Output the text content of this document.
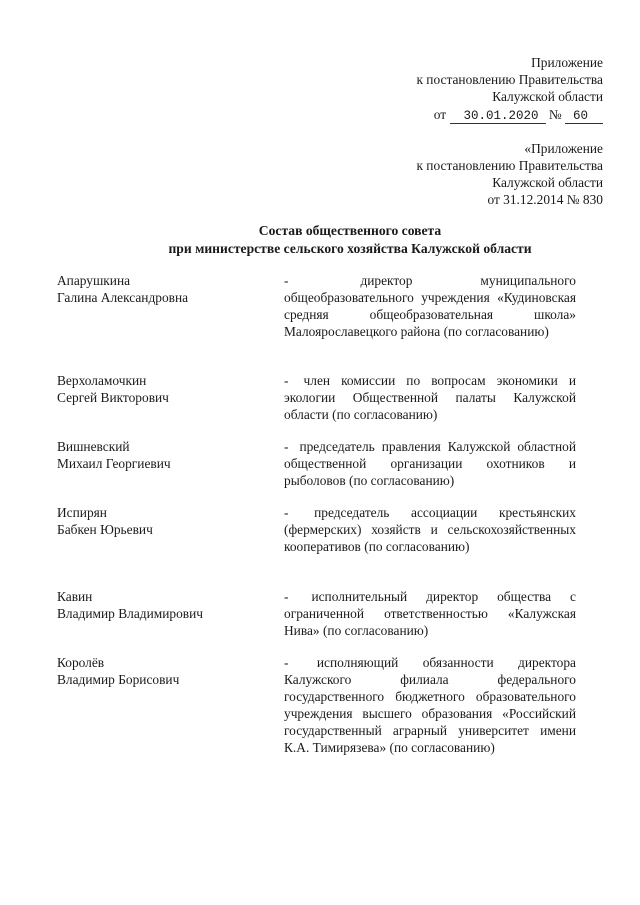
Приложение
к постановлению Правительства
Калужской области
от 30.01.2020 № 60
«Приложение
к постановлению Правительства
Калужской области
от 31.12.2014 № 830
Состав общественного совета
при министерстве сельского хозяйства Калужской области
Апарушкина
Галина Александровна
-	директор муниципального общеобразовательного учреждения «Кудиновская средняя общеобразовательная школа» Малоярославецкого района (по согласованию)
Верхоламочкин
Сергей Викторович
- член комиссии по вопросам экономики и экологии Общественной палаты Калужской области (по согласованию)
Вишневский
Михаил Георгиевич
- председатель правления Калужской областной общественной организации охотников и рыболовов (по согласованию)
Испирян
Бабкен Юрьевич
- председатель ассоциации крестьянских (фермерских) хозяйств и сельскохозяйственных кооперативов (по согласованию)
Кавин
Владимир Владимирович
- исполнительный директор общества с ограниченной ответственностью «Калужская Нива» (по согласованию)
Королёв
Владимир Борисович
- исполняющий обязанности директора Калужского филиала федерального государственного бюджетного образовательного учреждения высшего образования «Российский государственный аграрный университет имени К.А. Тимирязева» (по согласованию)
